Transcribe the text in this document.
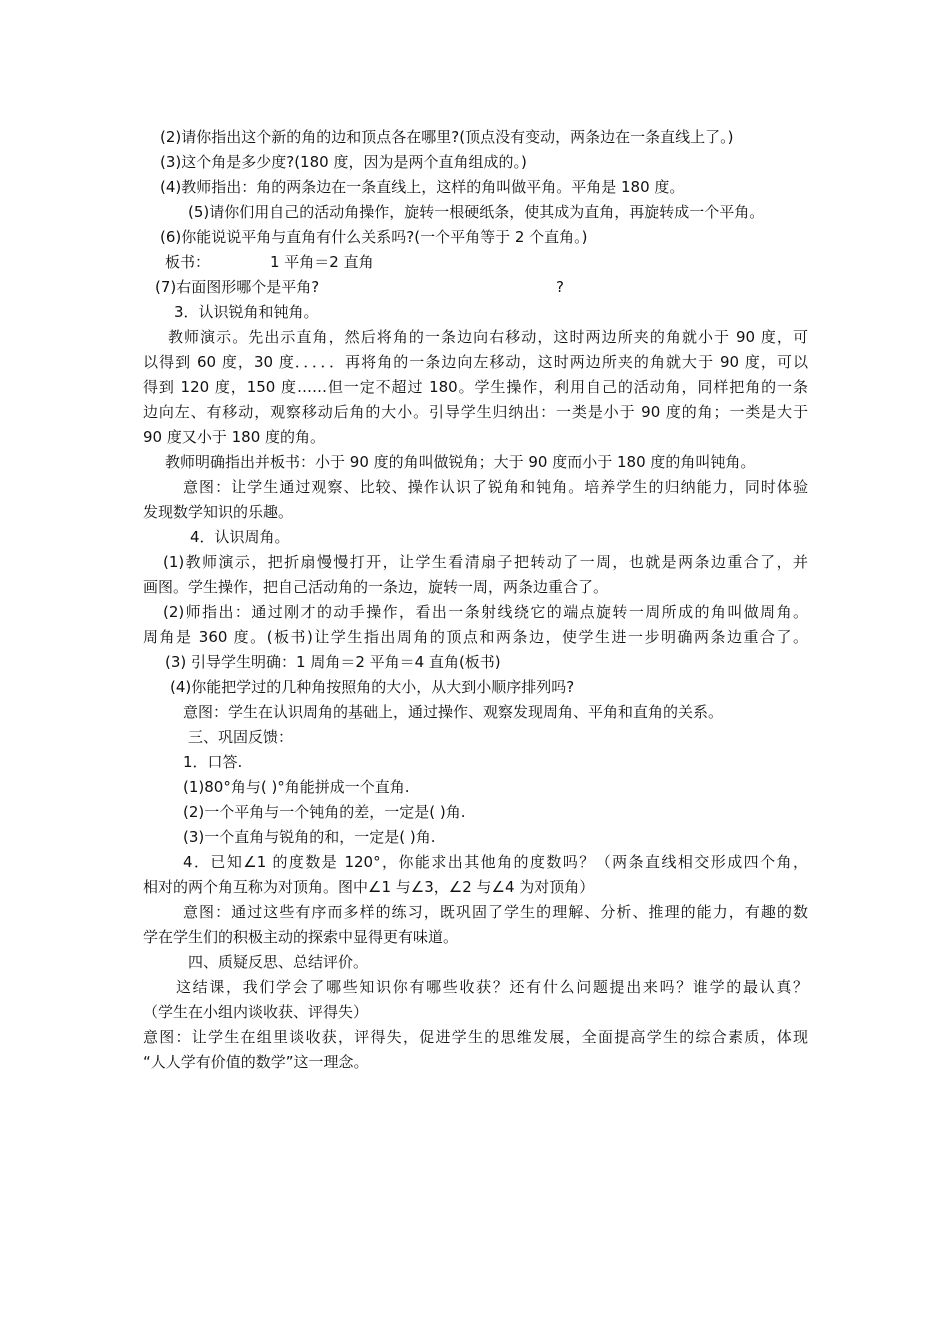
(2)请你指出这个新的角的边和顶点各在哪里?(顶点没有变动，两条边在一条直线上了。)
(3)这个角是多少度?(180 度，因为是两个直角组成的。)
(4)教师指出：角的两条边在一条直线上，这样的角叫做平角。平角是 180 度。
(5)请你们用自己的活动角操作，旋转一根硬纸条，使其成为直角，再旋转成一个平角。
(6)你能说说平角与直角有什么关系吗?(一个平角等于 2 个直角。)
板书：	1 平角＝2 直角
(7)右面图形哪个是平角?	?
3．认识锐角和钝角。
教师演示。先出示直角，然后将角的一条边向右移动，这时两边所夹的角就小于 90 度，可
以得到 60 度，30 度．．．．．再将角的一条边向左移动，这时两边所夹的角就大于 90 度，可以
得到 120 度，150 度……但一定不超过 180。学生操作，利用自己的活动角，同样把角的一条
边向左、有移动，观察移动后角的大小。引导学生归纳出：一类是小于 90 度的角；一类是大于
90 度又小于 180 度的角。
教师明确指出并板书：小于 90 度的角叫做锐角；大于 90 度而小于 180 度的角叫钝角。
意图：让学生通过观察、比较、操作认识了锐角和钝角。培养学生的归纳能力，同时体验
发现数学知识的乐趣。
4．认识周角。
(1)教师演示，把折扇慢慢打开，让学生看清扇子把转动了一周，也就是两条边重合了，并
画图。学生操作，把自己活动角的一条边，旋转一周，两条边重合了。
(2)师指出：通过刚才的动手操作，看出一条射线绕它的端点旋转一周所成的角叫做周角。
周角是 360 度。(板书)让学生指出周角的顶点和两条边，使学生进一步明确两条边重合了。
(3) 引导学生明确：1 周角＝2 平角＝4 直角(板书)
(4)你能把学过的几种角按照角的大小，从大到小顺序排列吗?
意图：学生在认识周角的基础上，通过操作、观察发现周角、平角和直角的关系。
三、巩固反馈：
1．口答.
(1)80°角与( )°角能拼成一个直角.
(2)一个平角与一个钝角的差，一定是( )角.
(3)一个直角与锐角的和，一定是( )角.
4．已知∠1 的度数是 120°，你能求出其他角的度数吗？（两条直线相交形成四个角，
相对的两个角互称为对顶角。图中∠1 与∠3，∠2 与∠4 为对顶角）
意图：通过这些有序而多样的练习，既巩固了学生的理解、分析、推理的能力，有趣的数
学在学生们的积极主动的探索中显得更有味道。
四、质疑反思、总结评价。
这结课，我们学会了哪些知识你有哪些收获？还有什么问题提出来吗？谁学的最认真？
（学生在小组内谈收获、评得失）
意图：让学生在组里谈收获，评得失，促进学生的思维发展，全面提高学生的综合素质，体现
“人人学有价值的数学”这一理念。
